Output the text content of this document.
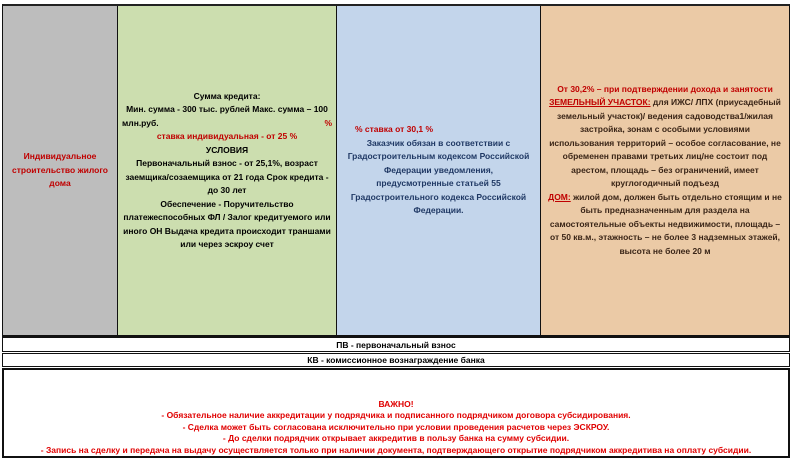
Индивидуальное строительство жилого дома
Сумма кредита:
Мин. сумма - 300 тыс. рублей Макс. сумма – 100
млн.руб.	%
ставка индивидуальная - от 25 %
УСЛОВИЯ
Первоначальный взнос - от 25,1%, возраст заемщика/созаемщика от 21 года Срок кредита - до 30 лет
Обеспечение - Поручительство платежеспособных ФЛ / Залог кредитуемого или иного ОН Выдача кредита происходит траншами или через эскроу счет
% ставка от 30,1 %
Заказчик обязан в соответствии с Градостроительным кодексом Российской Федерации уведомления, предусмотренные статьей 55 Градостроительного кодекса Российской Федерации.
От 30,2% – при подтверждении дохода и занятости
ЗЕМЕЛЬНЫЙ УЧАСТОК: для ИЖС/ ЛПХ (приусадебный земельный участок)/ ведения садоводства1/жилая застройка, зонам с особыми условиями использования территорий – особое согласование, не обременен правами третьих лиц/не состоит под арестом, площадь – без ограничений, имеет круглогодичный подъезд
ДОМ: жилой дом, должен быть отдельно стоящим и не быть предназначенным для раздела на самостоятельные объекты недвижимости, площадь – от 50 кв.м., этажность – не более 3 надземных этажей, высота не более 20 м
ПВ - первоначальный взнос
КВ - комиссионное вознаграждение банка
ВАЖНО!
- Обязательное наличие аккредитации у подрядчика и подписанного подрядчиком договора субсидирования.
- Сделка может быть согласована исключительно при условии проведения расчетов через ЭСКРОУ.
- До сделки подрядчик открывает аккредитив в пользу банка на сумму субсидии.
- Запись на сделку и передача на выдачу осуществляется только при наличии документа, подтверждающего открытие подрядчиком аккредитива на оплату субсидии.
